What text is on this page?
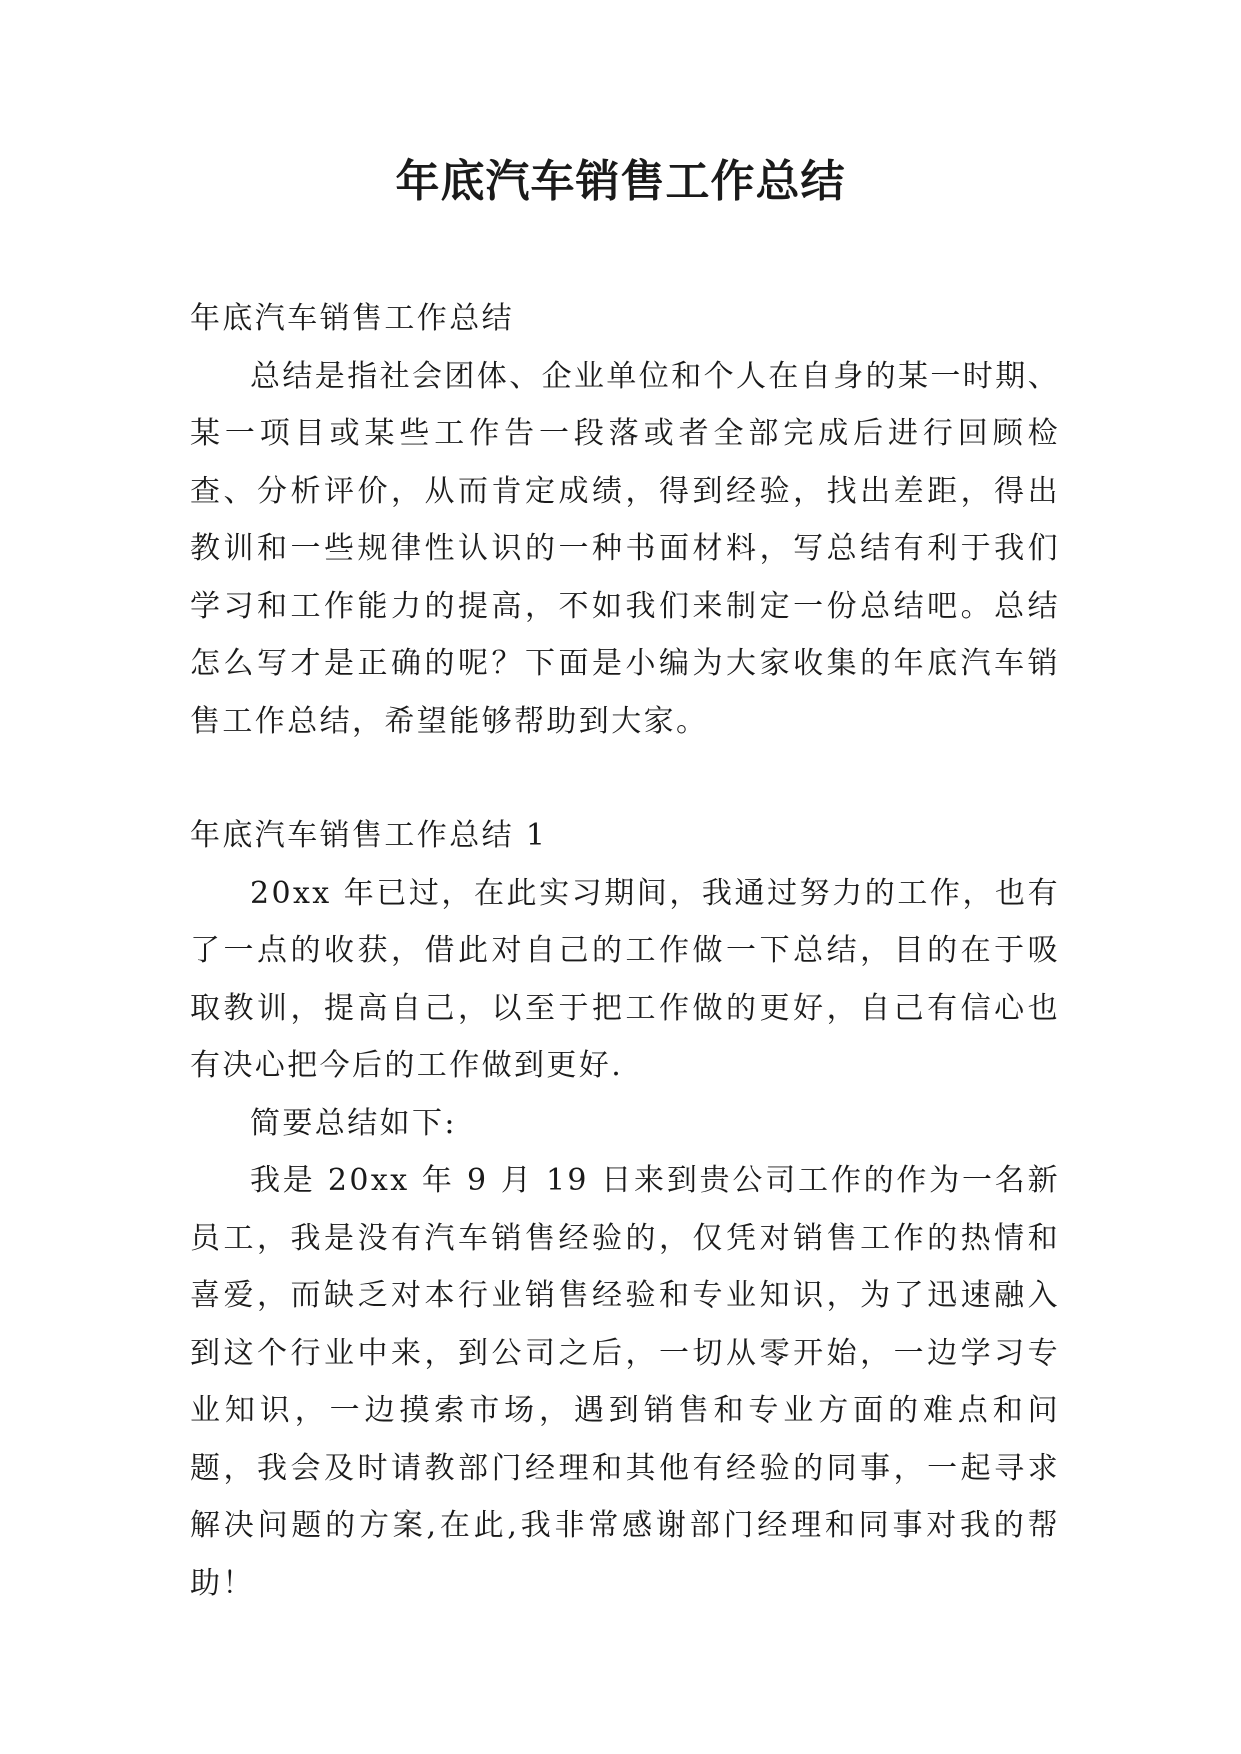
年底汽车销售工作总结

年底汽车销售工作总结

总结是指社会团体、企业单位和个人在自身的某一时期、某一项目或某些工作告一段落或者全部完成后进行回顾检查、分析评价，从而肯定成绩，得到经验，找出差距，得出教训和一些规律性认识的一种书面材料，写总结有利于我们学习和工作能力的提高，不如我们来制定一份总结吧。总结怎么写才是正确的呢？下面是小编为大家收集的年底汽车销售工作总结，希望能够帮助到大家。

年底汽车销售工作总结 1

20xx 年已过，在此实习期间，我通过努力的工作，也有了一点的收获，借此对自己的工作做一下总结，目的在于吸取教训，提高自己，以至于把工作做的更好，自己有信心也有决心把今后的工作做到更好.

简要总结如下:

我是 20xx 年 9 月 19 日来到贵公司工作的作为一名新员工，我是没有汽车销售经验的，仅凭对销售工作的热情和喜爱，而缺乏对本行业销售经验和专业知识，为了迅速融入到这个行业中来，到公司之后，一切从零开始，一边学习专业知识，一边摸索市场，遇到销售和专业方面的难点和问题，我会及时请教部门经理和其他有经验的同事，一起寻求解决问题的方案,在此,我非常感谢部门经理和同事对我的帮助！
